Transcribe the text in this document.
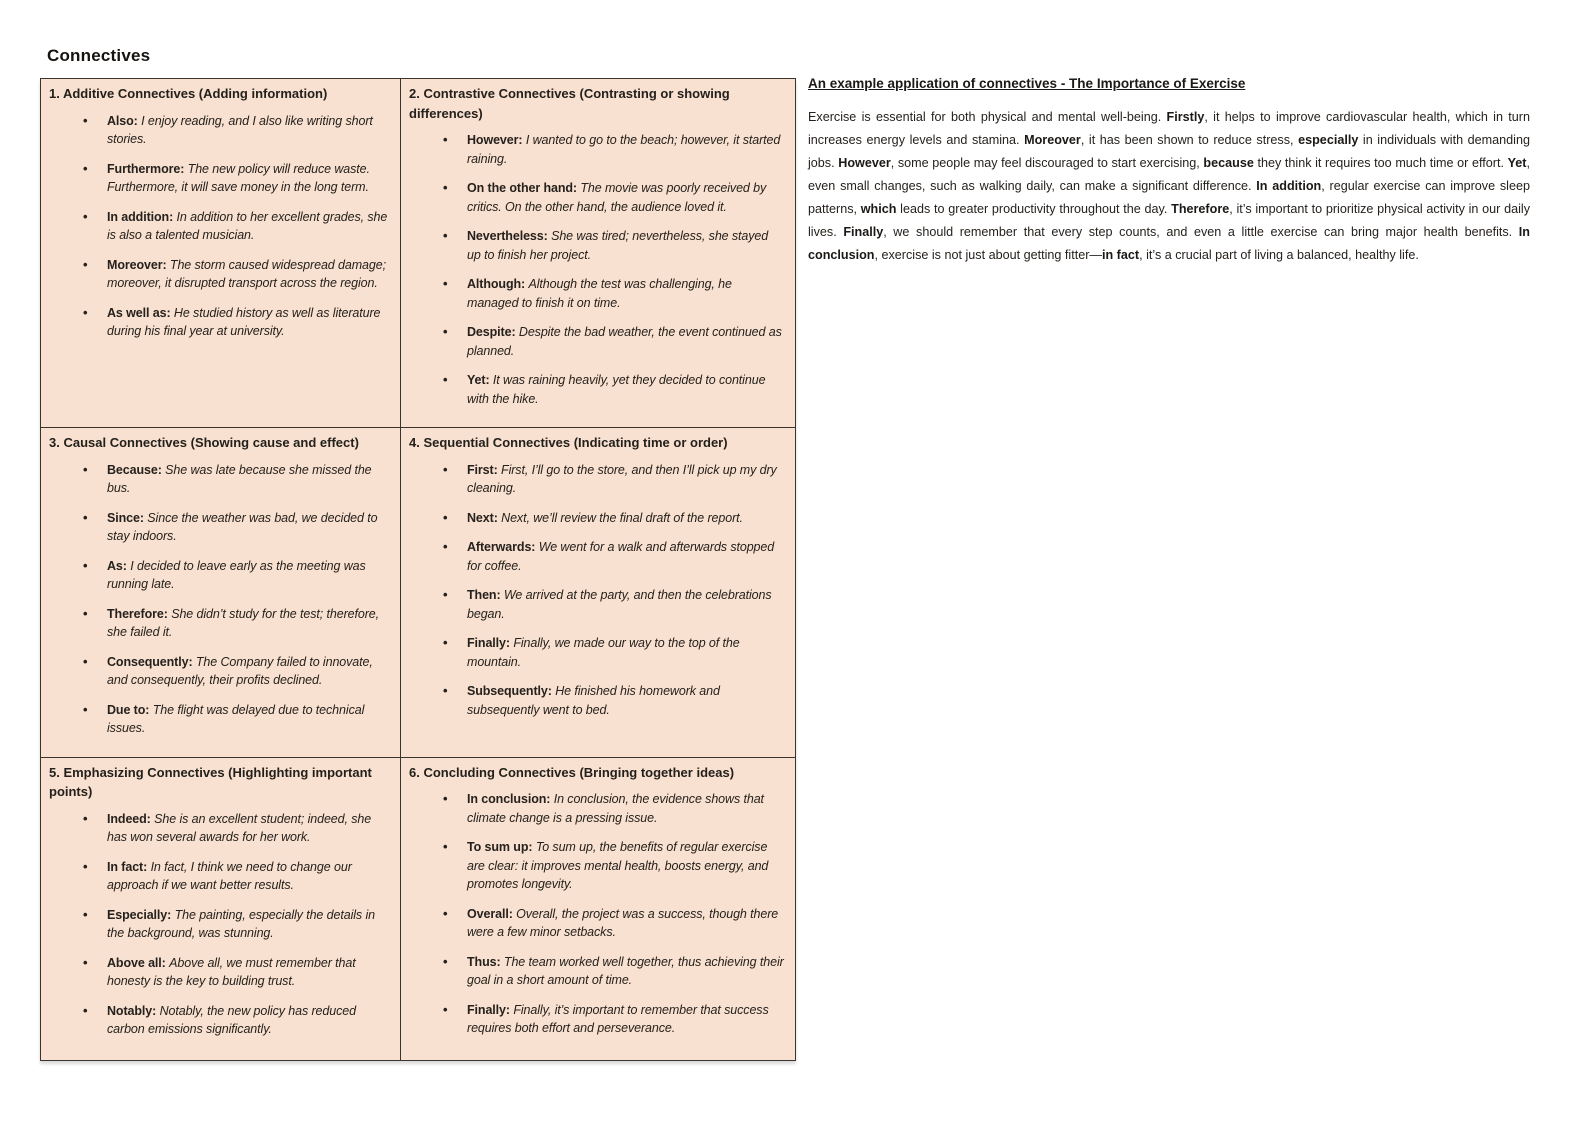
Connectives
1. Additive Connectives (Adding information)
• Also: I enjoy reading, and I also like writing short stories.
• Furthermore: The new policy will reduce waste. Furthermore, it will save money in the long term.
• In addition: In addition to her excellent grades, she is also a talented musician.
• Moreover: The storm caused widespread damage; moreover, it disrupted transport across the region.
• As well as: He studied history as well as literature during his final year at university.

2. Contrastive Connectives (Contrasting or showing differences)
• However: I wanted to go to the beach; however, it started raining.
• On the other hand: The movie was poorly received by critics. On the other hand, the audience loved it.
• Nevertheless: She was tired; nevertheless, she stayed up to finish her project.
• Although: Although the test was challenging, he managed to finish it on time.
• Despite: Despite the bad weather, the event continued as planned.
• Yet: It was raining heavily, yet they decided to continue with the hike.

3. Causal Connectives (Showing cause and effect)
• Because: She was late because she missed the bus.
• Since: Since the weather was bad, we decided to stay indoors.
• As: I decided to leave early as the meeting was running late.
• Therefore: She didn’t study for the test; therefore, she failed it.
• Consequently: The Company failed to innovate, and consequently, their profits declined.
• Due to: The flight was delayed due to technical issues.

4. Sequential Connectives (Indicating time or order)
• First: First, I’ll go to the store, and then I’ll pick up my dry cleaning.
• Next: Next, we’ll review the final draft of the report.
• Afterwards: We went for a walk and afterwards stopped for coffee.
• Then: We arrived at the party, and then the celebrations began.
• Finally: Finally, we made our way to the top of the mountain.
• Subsequently: He finished his homework and subsequently went to bed.

5. Emphasizing Connectives (Highlighting important points)
• Indeed: She is an excellent student; indeed, she has won several awards for her work.
• In fact: In fact, I think we need to change our approach if we want better results.
• Especially: The painting, especially the details in the background, was stunning.
• Above all: Above all, we must remember that honesty is the key to building trust.
• Notably: Notably, the new policy has reduced carbon emissions significantly.

6. Concluding Connectives (Bringing together ideas)
• In conclusion: In conclusion, the evidence shows that climate change is a pressing issue.
• To sum up: To sum up, the benefits of regular exercise are clear: it improves mental health, boosts energy, and promotes longevity.
• Overall: Overall, the project was a success, though there were a few minor setbacks.
• Thus: The team worked well together, thus achieving their goal in a short amount of time.
• Finally: Finally, it’s important to remember that success requires both effort and perseverance.
An example application of connectives - The Importance of Exercise

Exercise is essential for both physical and mental well-being. Firstly, it helps to improve cardiovascular health, which in turn increases energy levels and stamina. Moreover, it has been shown to reduce stress, especially in individuals with demanding jobs. However, some people may feel discouraged to start exercising, because they think it requires too much time or effort. Yet, even small changes, such as walking daily, can make a significant difference. In addition, regular exercise can improve sleep patterns, which leads to greater productivity throughout the day. Therefore, it’s important to prioritize physical activity in our daily lives. Finally, we should remember that every step counts, and even a little exercise can bring major health benefits. In conclusion, exercise is not just about getting fitter—in fact, it’s a crucial part of living a balanced, healthy life.
